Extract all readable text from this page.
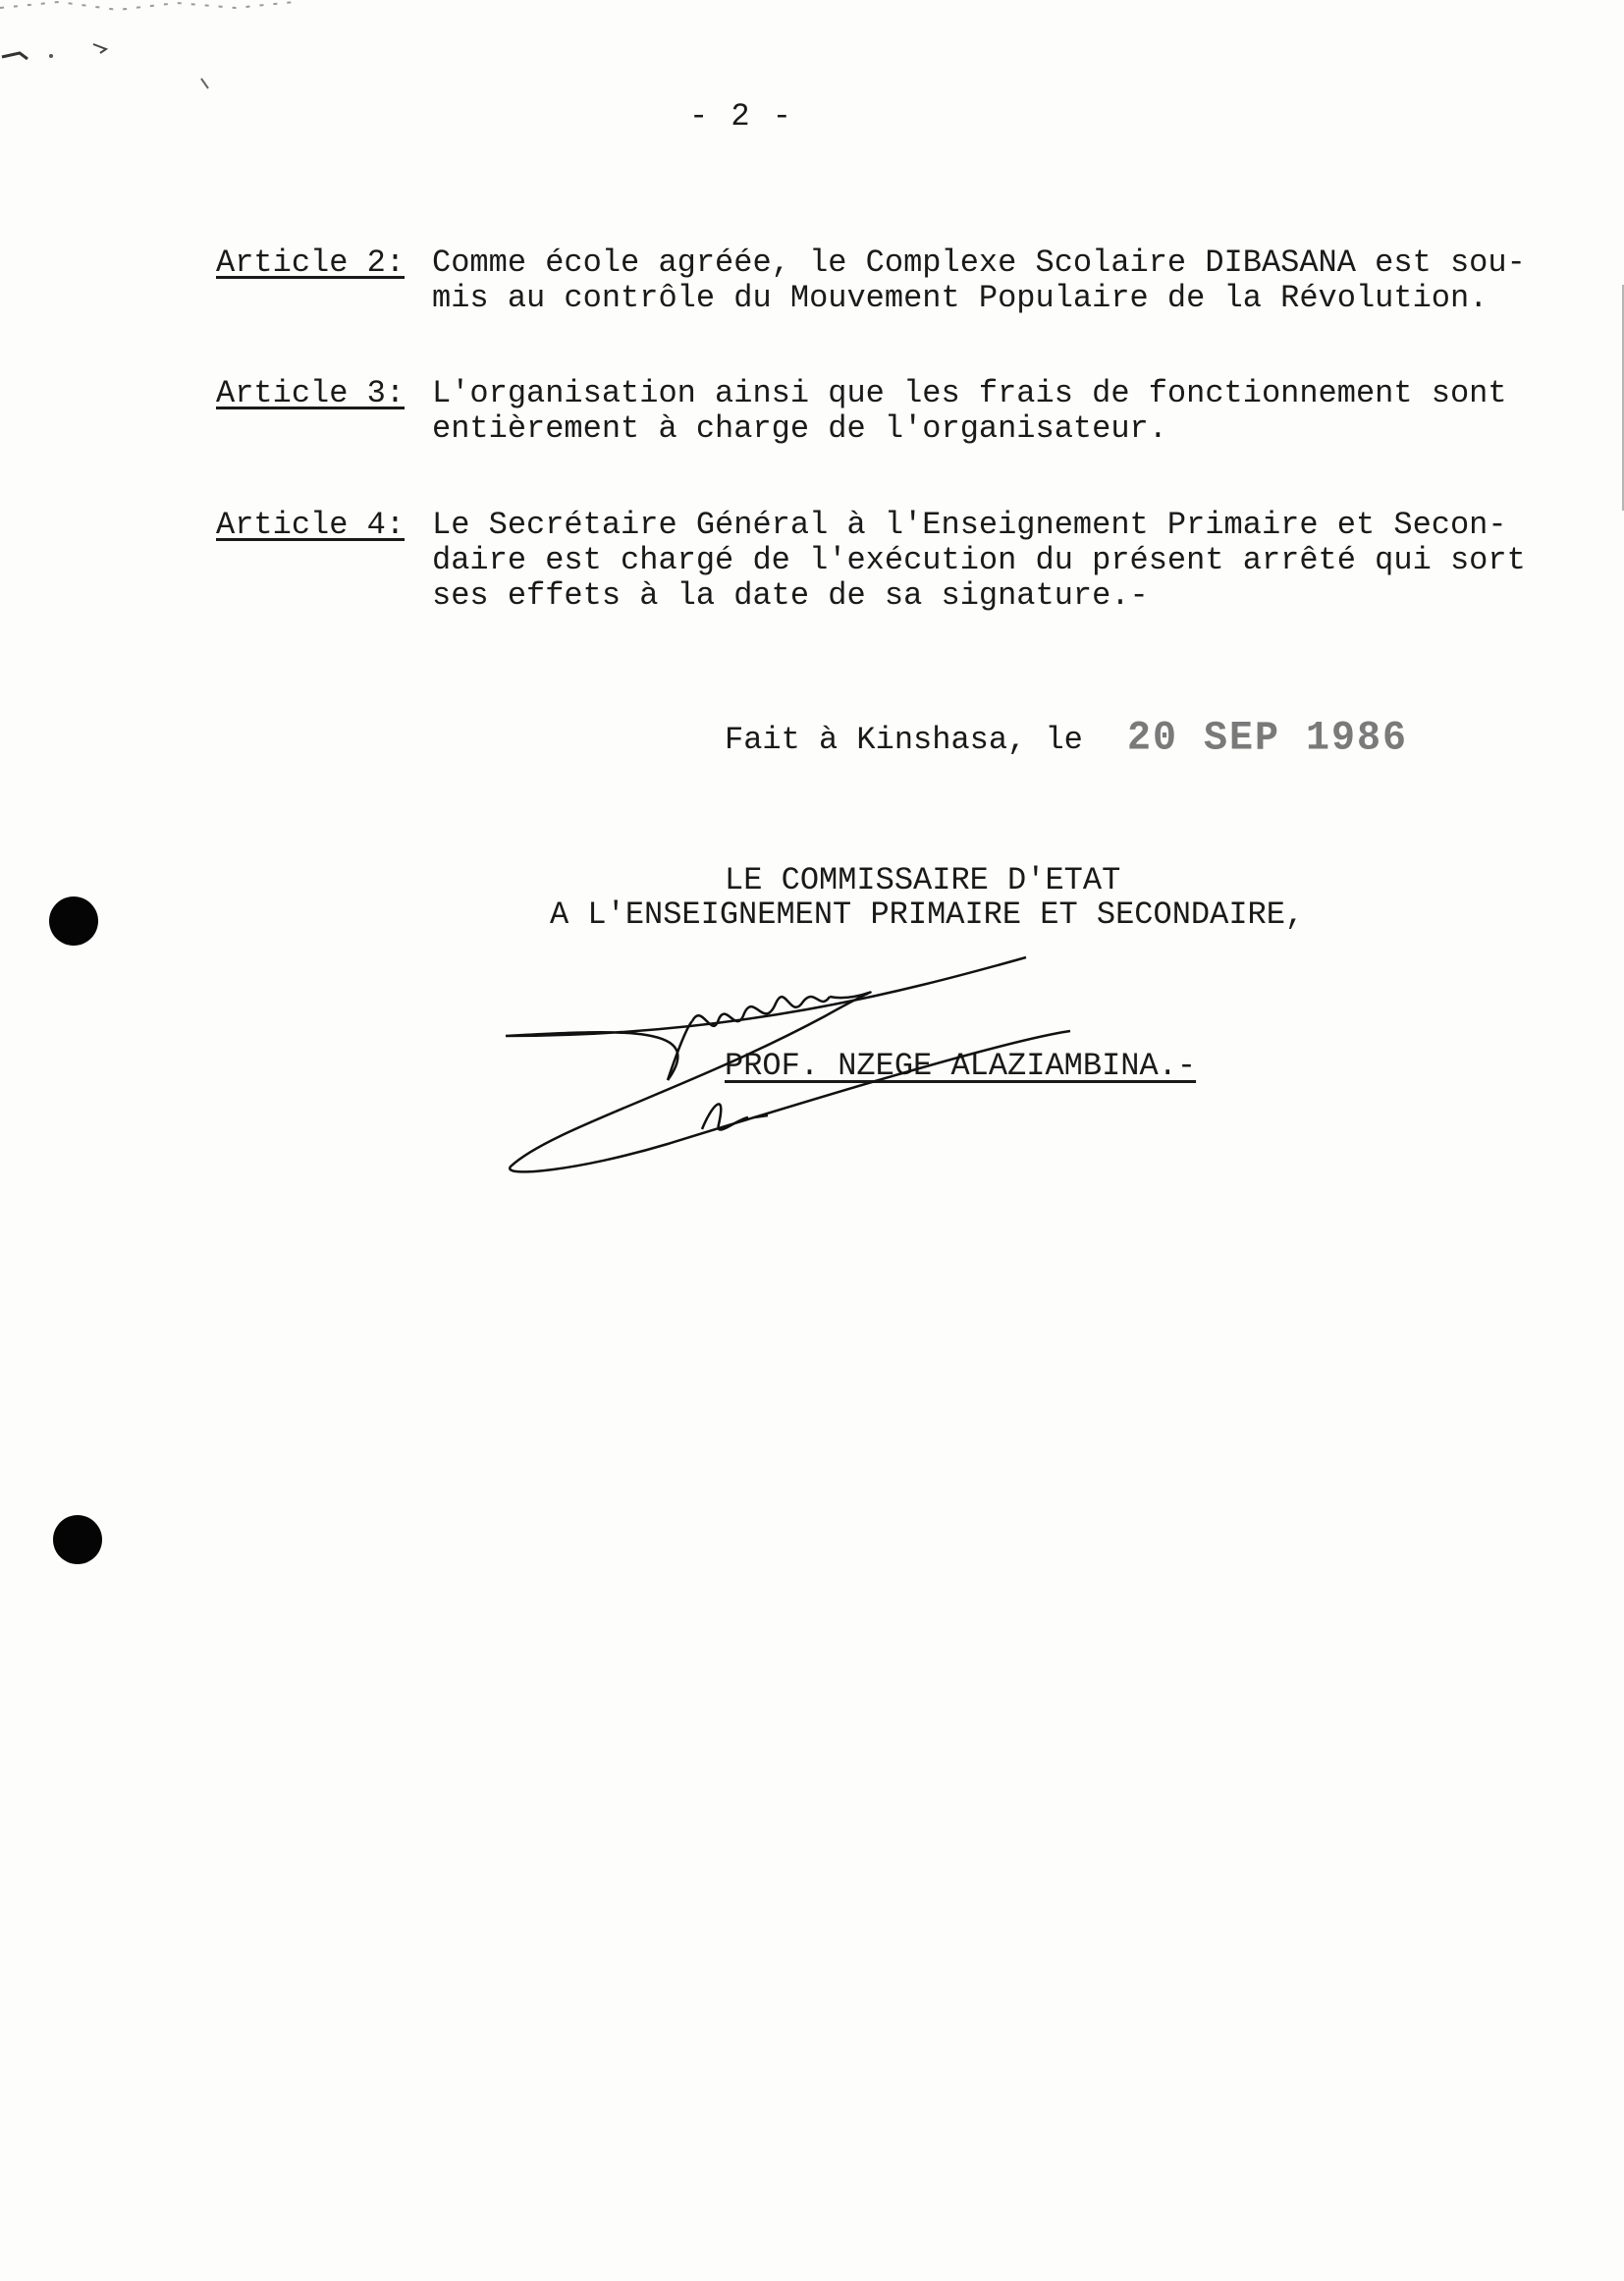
- 2 -
Article 2: Comme école agréée, le Complexe Scolaire DIBASANA est sou-
mis au contrôle du Mouvement Populaire de la Révolution.
Article 3: L'organisation ainsi que les frais de fonctionnement sont
entièrement à charge de l'organisateur.
Article 4: Le Secrétaire Général à l'Enseignement Primaire et Secon-
daire est chargé de l'exécution du présent arrêté qui sort
ses effets à la date de sa signature.-
Fait à Kinshasa, le 20 SEP 1986
LE COMMISSAIRE D'ETAT
A L'ENSEIGNEMENT PRIMAIRE ET SECONDAIRE,
PROF. NZEGE ALAZIAMBINA.-
